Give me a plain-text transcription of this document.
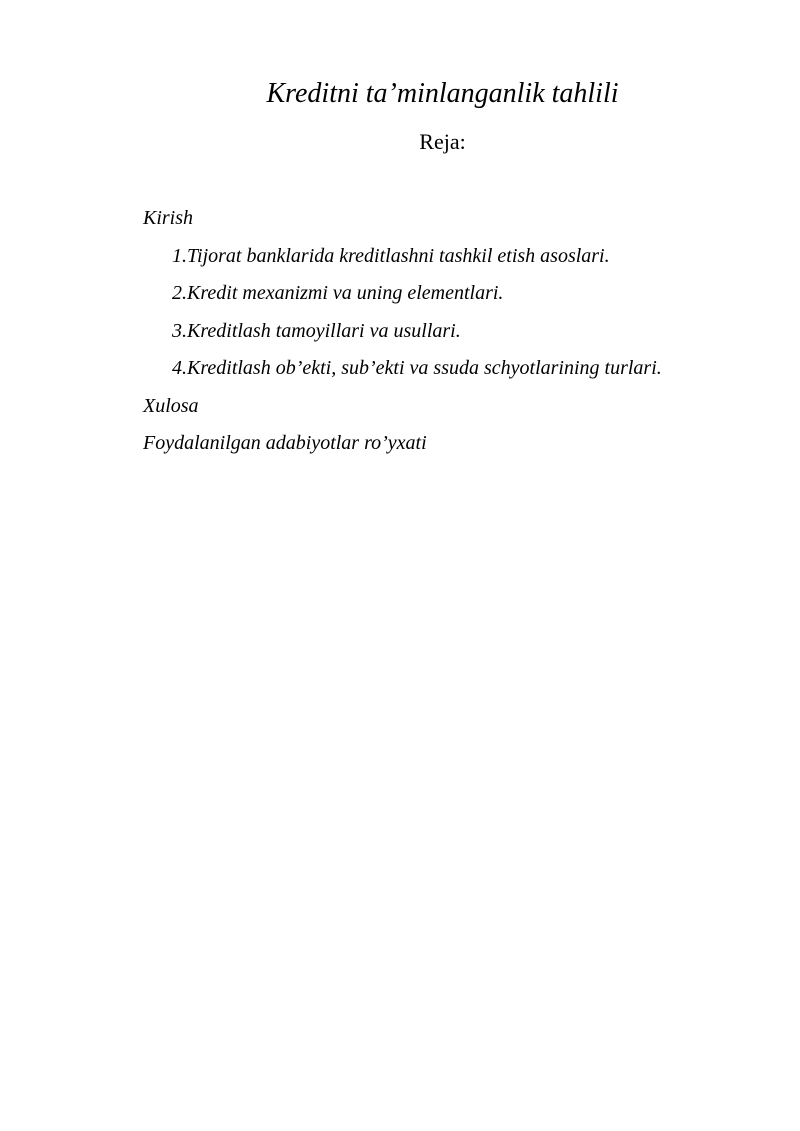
Kreditni ta’minlanganlik tahlili
Reja:
Kirish
1.Tijorat banklarida kreditlashni tashkil etish asoslari.
2.Kredit mexanizmi va uning elementlari.
3.Kreditlash tamoyillari va usullari.
4.Kreditlash ob’ekti, sub’ekti va ssuda schyotlarining turlari.
Xulosa
Foydalanilgan adabiyotlar ro’yxati
